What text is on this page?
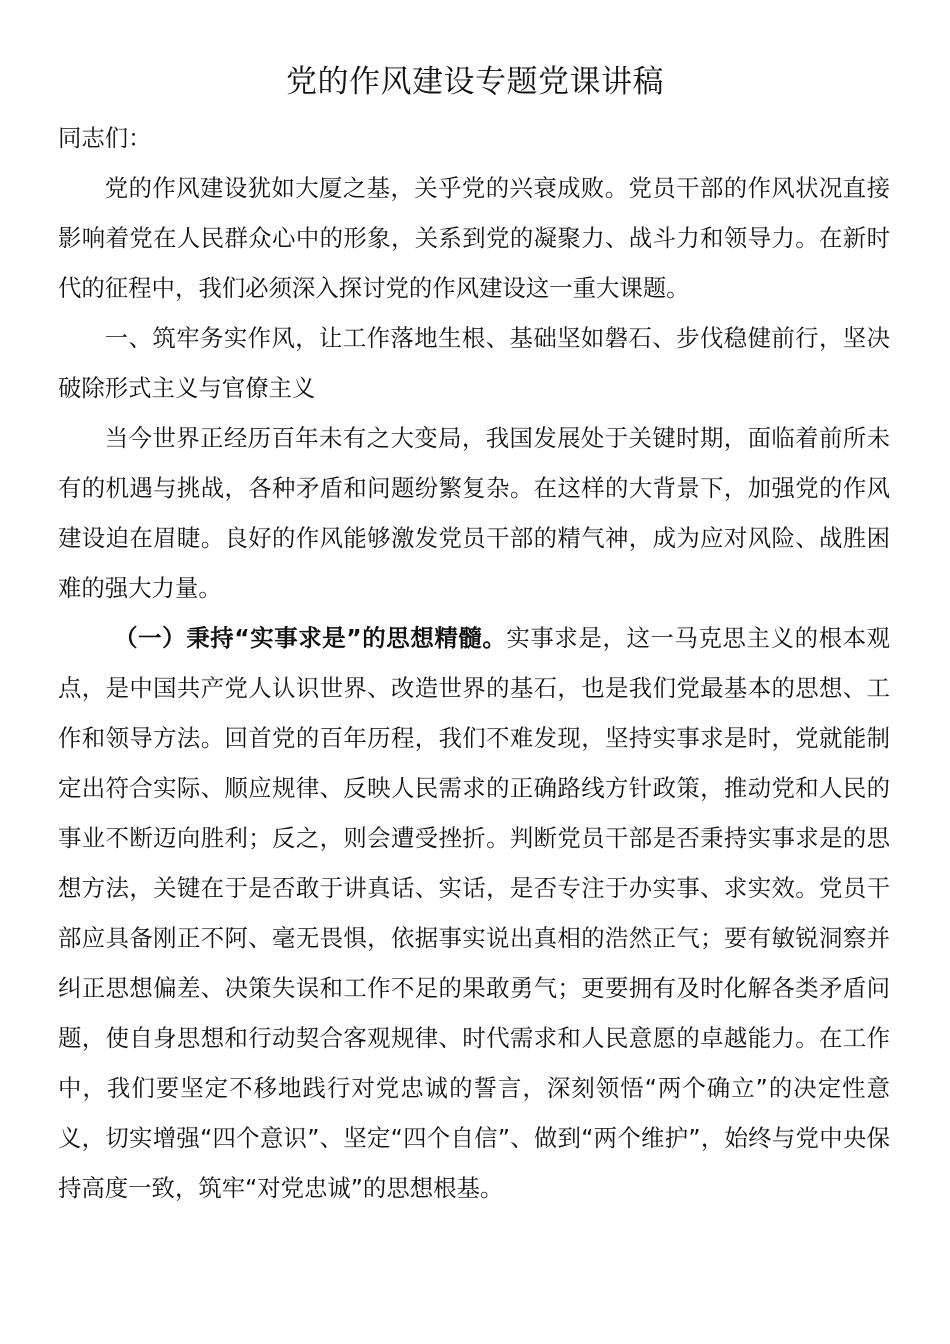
党的作风建设专题党课讲稿

同志们：

党的作风建设犹如大厦之基，关乎党的兴衰成败。党员干部的作风状况直接影响着党在人民群众心中的形象，关系到党的凝聚力、战斗力和领导力。在新时代的征程中，我们必须深入探讨党的作风建设这一重大课题。

一、筑牢务实作风，让工作落地生根、基础坚如磐石、步伐稳健前行，坚决破除形式主义与官僚主义

当今世界正经历百年未有之大变局，我国发展处于关键时期，面临着前所未有的机遇与挑战，各种矛盾和问题纷繁复杂。在这样的大背景下，加强党的作风建设迫在眉睫。良好的作风能够激发党员干部的精气神，成为应对风险、战胜困难的强大力量。

（一）秉持“实事求是”的思想精髓。实事求是，这一马克思主义的根本观点，是中国共产党人认识世界、改造世界的基石，也是我们党最基本的思想、工作和领导方法。回首党的百年历程，我们不难发现，坚持实事求是时，党就能制定出符合实际、顺应规律、反映人民需求的正确路线方针政策，推动党和人民的事业不断迈向胜利；反之，则会遭受挫折。判断党员干部是否秉持实事求是的思想方法，关键在于是否敢于讲真话、实话，是否专注于办实事、求实效。党员干部应具备刚正不阿、毫无畏惧，依据事实说出真相的浩然正气；要有敏锐洞察并纠正思想偏差、决策失误和工作不足的果敢勇气；更要拥有及时化解各类矛盾问题，使自身思想和行动契合客观规律、时代需求和人民意愿的卓越能力。在工作中，我们要坚定不移地践行对党忠诚的誓言，深刻领悟“两个确立”的决定性意义，切实增强“四个意识”、坚定“四个自信”、做到“两个维护”，始终与党中央保持高度一致，筑牢“对党忠诚”的思想根基。
